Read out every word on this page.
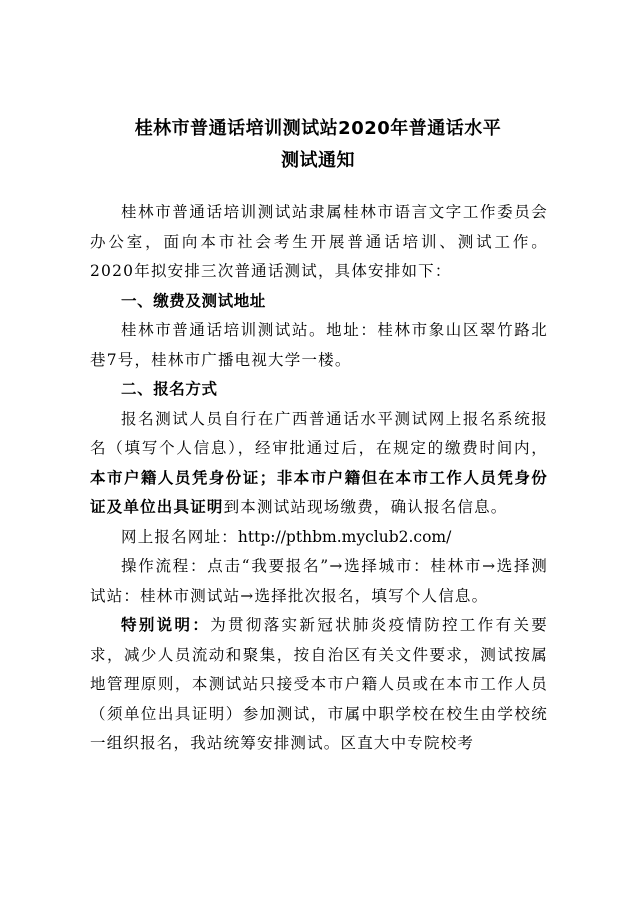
桂林市普通话培训测试站2020年普通话水平
测试通知

桂林市普通话培训测试站隶属桂林市语言文字工作委员会办公室，面向本市社会考生开展普通话培训、测试工作。2020年拟安排三次普通话测试，具体安排如下：

一、缴费及测试地址

桂林市普通话培训测试站。地址：桂林市象山区翠竹路北巷7号，桂林市广播电视大学一楼。

二、报名方式

报名测试人员自行在广西普通话水平测试网上报名系统报名（填写个人信息），经审批通过后，在规定的缴费时间内，本市户籍人员凭身份证；非本市户籍但在本市工作人员凭身份证及单位出具证明到本测试站现场缴费，确认报名信息。

网上报名网址：http://pthbm.myclub2.com/

操作流程：点击“我要报名”→选择城市：桂林市→选择测试站：桂林市测试站→选择批次报名，填写个人信息。

特别说明：为贯彻落实新冠状肺炎疫情防控工作有关要求，减少人员流动和聚集，按自治区有关文件要求，测试按属地管理原则，本测试站只接受本市户籍人员或在本市工作人员（须单位出具证明）参加测试，市属中职学校在校生由学校统一组织报名，我站统筹安排测试。区直大中专院校考
